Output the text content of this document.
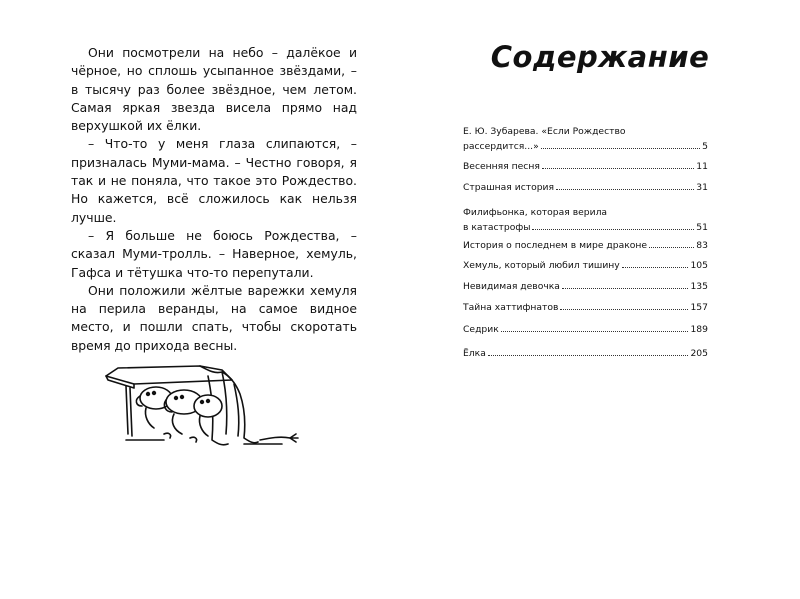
Они посмотрели на небо – далёкое и чёрное, но сплошь усыпанное звёздами, – в тысячу раз более звёздное, чем летом. Самая яркая звезда висела прямо над верхушкой их ёлки.

– Что-то у меня глаза слипаются, – призналась Муми-мама. – Честно говоря, я так и не поняла, что такое это Рождество. Но кажется, всё сложилось как нельзя лучше.

– Я больше не боюсь Рождества, – сказал Муми-тролль. – Наверное, хемуль, Гафса и тётушка что-то перепутали.

Они положили жёлтые варежки хемуля на перила веранды, на самое видное место, и пошли спать, чтобы скоротать время до прихода весны.

Содержание
Е. Ю. Зубарева. «Если Рождество
рассердится...»	5
Весенняя песня	11
Страшная история	31
Филифьонка, которая верила
в катастрофы	51
История о последнем в мире драконе	83
Хемуль, который любил тишину	105
Невидимая девочка	135
Тайна хаттифнатов	157
Седрик	189
Ёлка	205
